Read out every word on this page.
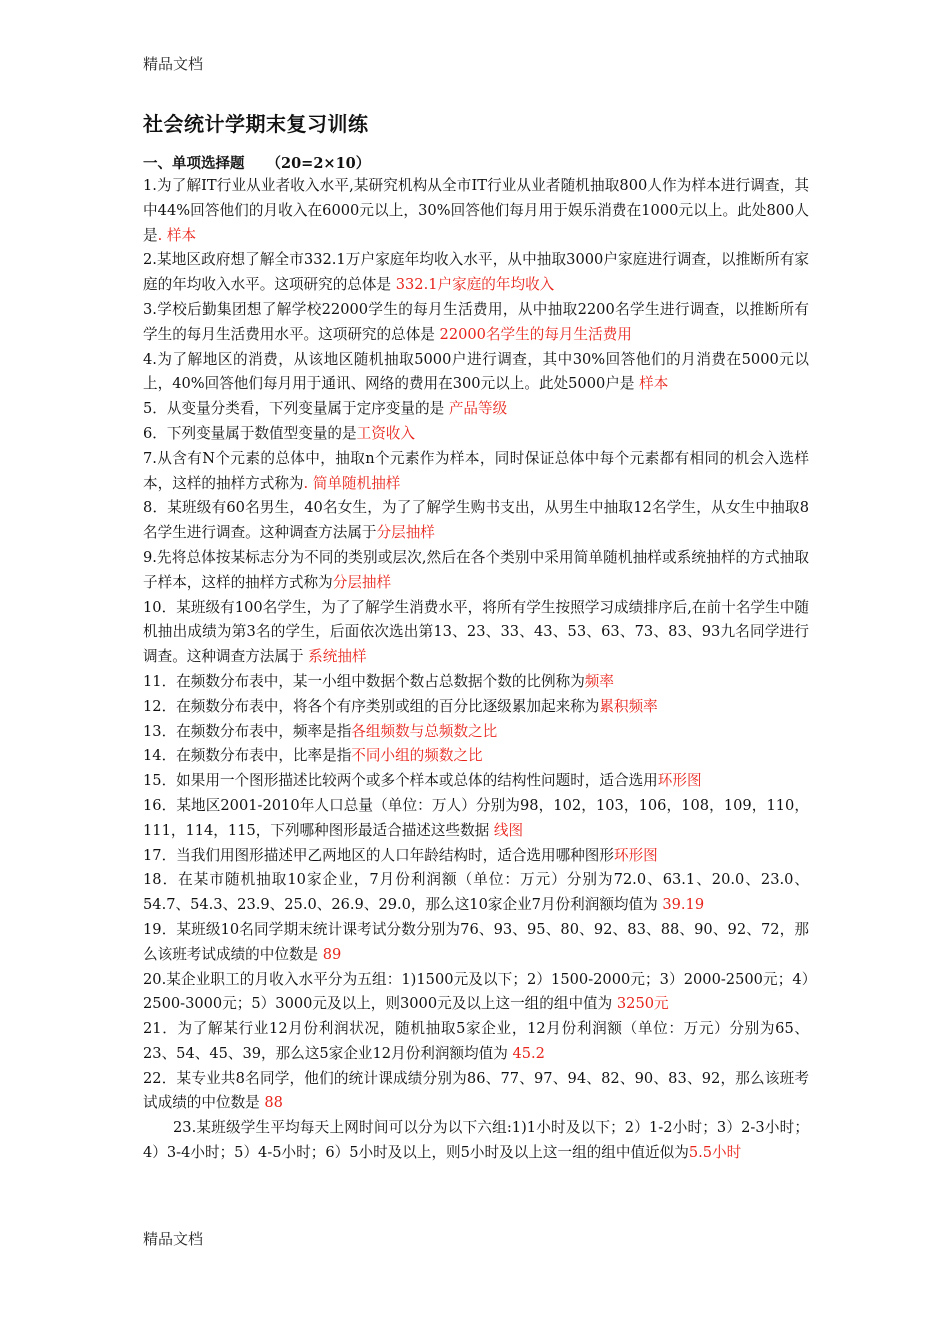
精品文档
社会统计学期末复习训练
一、单项选择题 （20=2×10）

1.为了解IT行业从业者收入水平,某研究机构从全市IT行业从业者随机抽取800人作为样本进行调查，其中44%回答他们的月收入在6000元以上，30%回答他们每月用于娱乐消费在1000元以上。此处800人是. 样本

2.某地区政府想了解全市332.1万户家庭年均收入水平，从中抽取3000户家庭进行调查，以推断所有家庭的年均收入水平。这项研究的总体是 332.1户家庭的年均收入

3.学校后勤集团想了解学校22000学生的每月生活费用，从中抽取2200名学生进行调查，以推断所有学生的每月生活费用水平。这项研究的总体是 22000名学生的每月生活费用

4.为了解地区的消费，从该地区随机抽取5000户进行调查，其中30%回答他们的月消费在5000元以上，40%回答他们每月用于通讯、网络的费用在300元以上。此处5000户是 样本

5．从变量分类看，下列变量属于定序变量的是 产品等级

6．下列变量属于数值型变量的是工资收入

7.从含有N个元素的总体中，抽取n个元素作为样本，同时保证总体中每个元素都有相同的机会入选样本，这样的抽样方式称为. 简单随机抽样

8．某班级有60名男生，40名女生，为了了解学生购书支出，从男生中抽取12名学生，从女生中抽取8名学生进行调查。这种调查方法属于分层抽样

9.先将总体按某标志分为不同的类别或层次,然后在各个类别中采用简单随机抽样或系统抽样的方式抽取子样本，这样的抽样方式称为分层抽样

10．某班级有100名学生，为了了解学生消费水平，将所有学生按照学习成绩排序后,在前十名学生中随机抽出成绩为第3名的学生，后面依次选出第13、23、33、43、53、63、73、83、93九名同学进行调查。这种调查方法属于 系统抽样

11．在频数分布表中，某一小组中数据个数占总数据个数的比例称为频率

12．在频数分布表中，将各个有序类别或组的百分比逐级累加起来称为累积频率

13．在频数分布表中，频率是指各组频数与总频数之比

14．在频数分布表中，比率是指不同小组的频数之比

15．如果用一个图形描述比较两个或多个样本或总体的结构性问题时，适合选用环形图

16．某地区2001-2010年人口总量（单位：万人）分别为98，102，103，106，108，109，110，111，114，115，下列哪种图形最适合描述这些数据 线图

17．当我们用图形描述甲乙两地区的人口年龄结构时，适合选用哪种图形环形图

18．在某市随机抽取10家企业，7月份利润额（单位：万元）分别为72.0、63.1、20.0、23.0、54.7、54.3、23.9、25.0、26.9、29.0，那么这10家企业7月份利润额均值为 39.19

19．某班级10名同学期末统计课考试分数分别为76、93、95、80、92、83、88、90、92、72，那么该班考试成绩的中位数是 89

20.某企业职工的月收入水平分为五组：1)1500元及以下；2）1500-2000元；3）2000-2500元；4）2500-3000元；5）3000元及以上，则3000元及以上这一组的组中值为 3250元

21．为了解某行业12月份利润状况，随机抽取5家企业，12月份利润额（单位：万元）分别为65、23、54、45、39，那么这5家企业12月份利润额均值为 45.2

22．某专业共8名同学，他们的统计课成绩分别为86、77、97、94、82、90、83、92，那么该班考试成绩的中位数是 88

23.某班级学生平均每天上网时间可以分为以下六组:1)1小时及以下；2）1-2小时；3）2-3小时；4）3-4小时；5）4-5小时；6）5小时及以上，则5小时及以上这一组的组中值近似为5.5小时

精品文档
